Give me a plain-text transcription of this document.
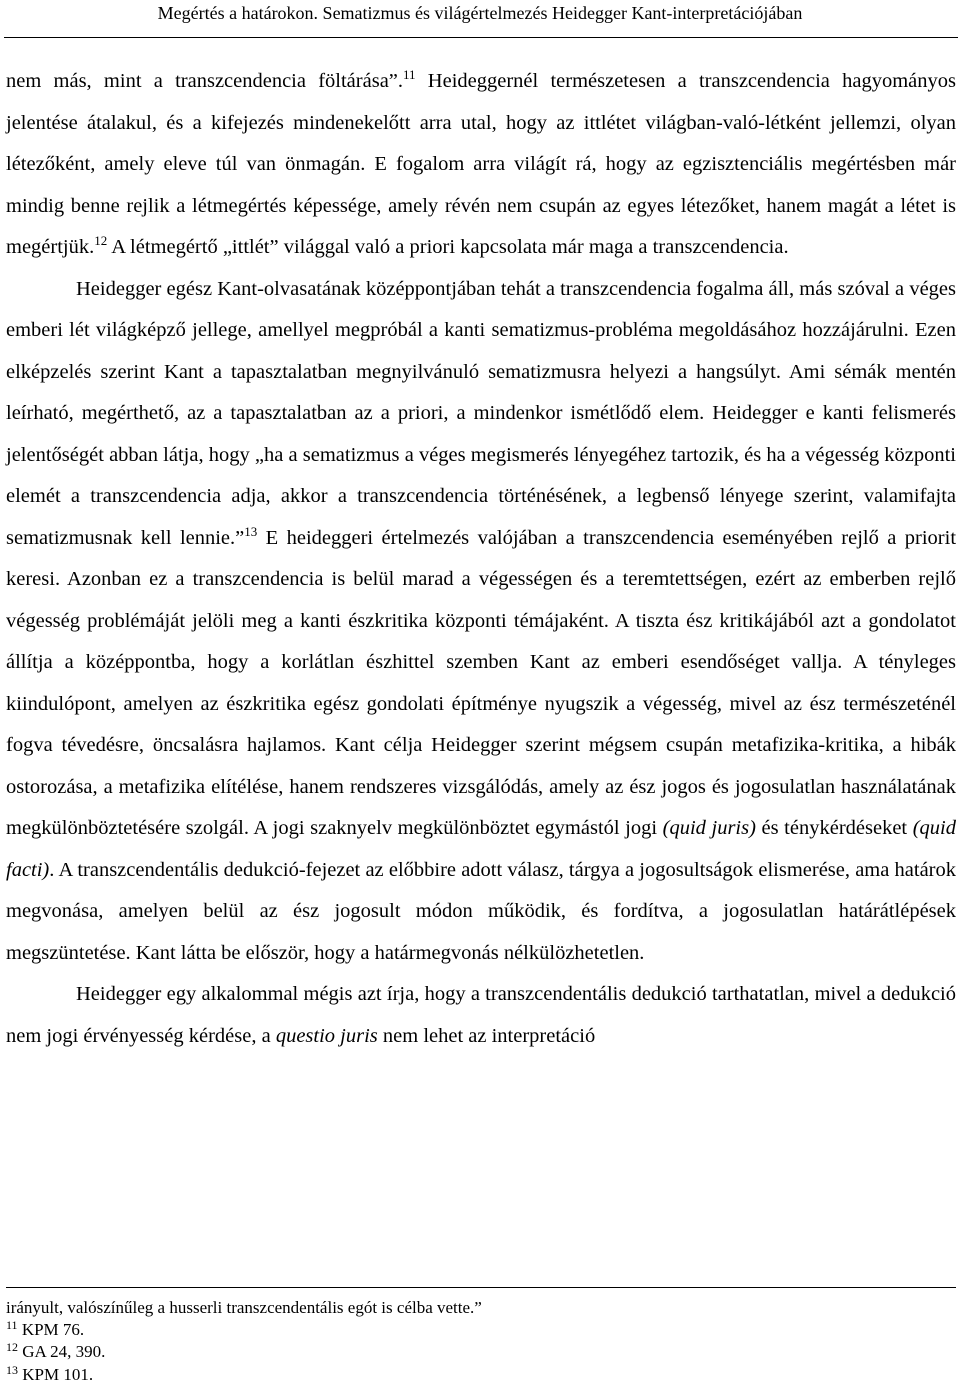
Megértés a határokon. Sematizmus és világértelmezés Heidegger Kant-interpretációjában

nem más, mint a transzcendencia föltárása”.$^{11}$ Heideggernél természetesen a transzcendencia hagyományos jelentése átalakul, és a kifejezés mindenekelőtt arra utal, hogy az ittlétet világban-való-létként jellemzi, olyan létezőként, amely eleve túl van önmagán. E fogalom arra világít rá, hogy az egzisztenciális megértésben már mindig benne rejlik a létmegértés képessége, amely révén nem csupán az egyes létezőket, hanem magát a létet is megértjük.$^{12}$ A létmegértő „ittlét” világgal való a priori kapcsolata már maga a transzcendencia.

Heidegger egész Kant-olvasatának középpontjában tehát a transzcendencia fogalma áll, más szóval a véges emberi lét világképző jellege, amellyel megpróbál a kanti sematizmus-probléma megoldásához hozzájárulni. Ezen elképzelés szerint Kant a tapasztalatban megnyilvánuló sematizmusra helyezi a hangsúlyt. Ami sémák mentén leírható, megérthető, az a tapasztalatban az a priori, a mindenkor ismétlődő elem. Heidegger e kanti felismerés jelentőségét abban látja, hogy „ha a sematizmus a véges megismerés lényegéhez tartozik, és ha a végesség központi elemét a transzcendencia adja, akkor a transzcendencia történésének, a legbenső lényege szerint, valamifajta sematizmusnak kell lennie.”$^{13}$ E heideggeri értelmezés valójában a transzcendencia eseményében rejlő a priorit keresi. Azonban ez a transzcendencia is belül marad a végességen és a teremtettségen, ezért az emberben rejlő végesség problémáját jelöli meg a kanti észkritika központi témájaként. A tiszta ész kritikájából azt a gondolatot állítja a középpontba, hogy a korlátlan észhittel szemben Kant az emberi esendőséget vallja. A tényleges kiindulópont, amelyen az észkritika egész gondolati építménye nyugszik a végesség, mivel az ész természeténél fogva tévedésre, öncsalásra hajlamos. Kant célja Heidegger szerint mégsem csupán metafizika-kritika, a hibák ostorozása, a metafizika elítélése, hanem rendszeres vizsgálódás, amely az ész jogos és jogosulatlan használatának megkülönböztetésére szolgál. A jogi szaknyelv megkülönböztet egymástól jogi (quid juris) és ténykérdéseket (quid facti). A transzcendentális dedukció-fejezet az előbbire adott válasz, tárgya a jogosultságok elismerése, ama határok megvonása, amelyen belül az ész jogosult módon működik, és fordítva, a jogosulatlan határátlépések megszüntetése. Kant látta be először, hogy a határmegvonás nélkülözhetetlen.

Heidegger egy alkalommal mégis azt írja, hogy a transzcendentális dedukció tarthatatlan, mivel a dedukció nem jogi érvényesség kérdése, a questio juris nem lehet az interpretáció

irányult, valószínűleg a husserli transzcendentális egót is célba vette.”
$^{11}$ KPM 76.
$^{12}$ GA 24, 390.
$^{13}$ KPM 101.
